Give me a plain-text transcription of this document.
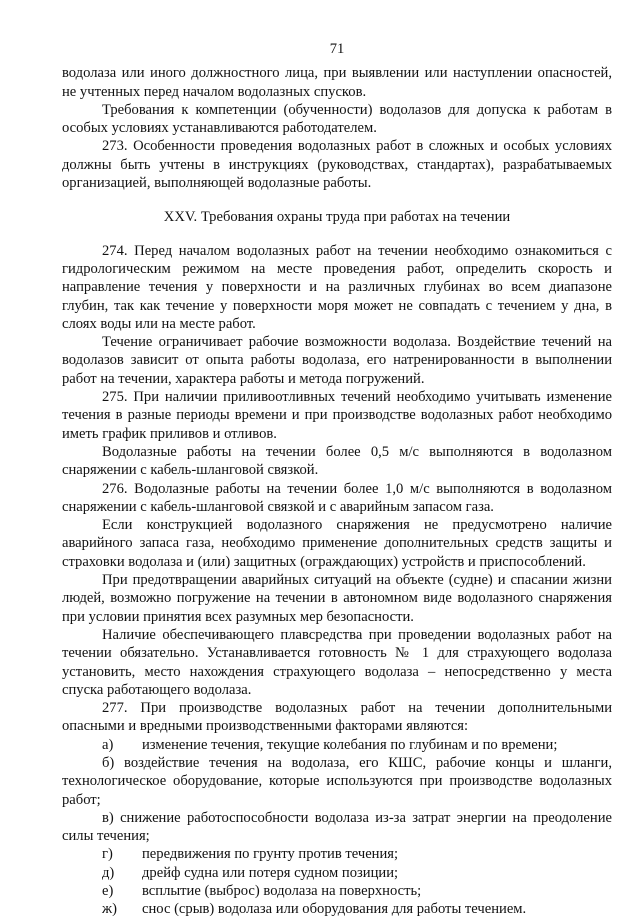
71

водолаза или иного должностного лица, при выявлении или наступлении опасностей, не учтенных перед началом водолазных спусков.

Требования к компетенции (обученности) водолазов для допуска к работам в особых условиях устанавливаются работодателем.

273. Особенности проведения водолазных работ в сложных и особых условиях должны быть учтены в инструкциях (руководствах, стандартах), разрабатываемых организацией, выполняющей водолазные работы.

XXV. Требования охраны труда при работах на течении

274. Перед началом водолазных работ на течении необходимо ознакомиться с гидрологическим режимом на месте проведения работ, определить скорость и направление течения у поверхности и на различных глубинах во всем диапазоне глубин, так как течение у поверхности моря может не совпадать с течением у дна, в слоях воды или на месте работ.

Течение ограничивает рабочие возможности водолаза. Воздействие течений на водолазов зависит от опыта работы водолаза, его натренированности в выполнении работ на течении, характера работы и метода погружений.

275. При наличии приливоотливных течений необходимо учитывать изменение течения в разные периоды времени и при производстве водолазных работ необходимо иметь график приливов и отливов.

Водолазные работы на течении более 0,5 м/с выполняются в водолазном снаряжении с кабель-шланговой связкой.

276. Водолазные работы на течении более 1,0 м/с выполняются в водолазном снаряжении с кабель-шланговой связкой и с аварийным запасом газа.

Если конструкцией водолазного снаряжения не предусмотрено наличие аварийного запаса газа, необходимо применение дополнительных средств защиты и страховки водолаза и (или) защитных (ограждающих) устройств и приспособлений.

При предотвращении аварийных ситуаций на объекте (судне) и спасании жизни людей, возможно погружение на течении в автономном виде водолазного снаряжения при условии принятия всех разумных мер безопасности.

Наличие обеспечивающего плавсредства при проведении водолазных работ на течении обязательно. Устанавливается готовность № 1 для страхующего водолаза установить, место нахождения страхующего водолаза – непосредственно у места спуска работающего водолаза.

277. При производстве водолазных работ на течении дополнительными опасными и вредными производственными факторами являются:

а)	изменение течения, текущие колебания по глубинам и по времени;

б) воздействие течения на водолаза, его КШС, рабочие концы и шланги, технологическое оборудование, которые используются при производстве водолазных работ;

в) снижение работоспособности водолаза из-за затрат энергии на преодоление силы течения;

г)	передвижения по грунту против течения;
д)	дрейф судна или потеря судном позиции;
е)	всплытие (выброс) водолаза на поверхность;
ж)	снос (срыв) водолаза или оборудования для работы течением.
